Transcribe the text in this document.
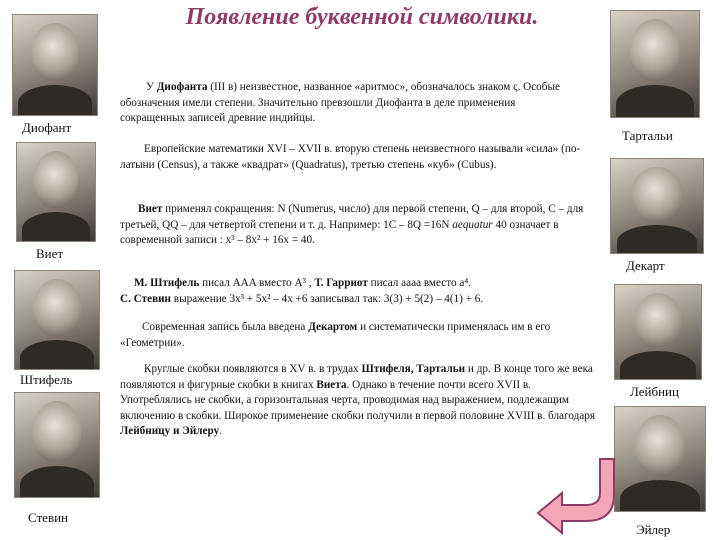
Появление буквенной символики.
Диофант
Виет
Штифель
Стевин
Тартальи
Декарт
Лейбниц
Эйлер
У Диофанта (III в) неизвестное, названное «аритмос», обозначалось знаком ς. Особые обозначения имели степени. Значительно превзошли Диофанта в деле применения сокращенных записей древние индийцы.
Европейские математики XVI – XVII в. вторую степень неизвестного называли «сила» (по-латыни (Census), а также «квадрат» (Quadratus), третью степень «куб» (Cubus).
Виет применял сокращения: N (Numerus, число) для первой степени, Q – для второй, С – для третьей, QQ – для четвертой степени и т. д. Например: 1C – 8Q =16N aequatur 40 означает в современной записи : x³ – 8x² + 16x = 40.
М. Штифель писал AAA вместо A³ , Т. Гарриот писал aaaa вместо a⁴.
С. Стевин выражение 3x³ + 5x² – 4x +6 записывал так: 3(3) + 5(2) – 4(1) + 6.
Современная запись была введена Декартом и систематически применялась им в его «Геометрии».
Круглые скобки появляются в XV в. в трудах Штифеля, Тартальи и др. В конце того же века появляются и фигурные скобки в книгах Виета. Однако в течение почти всего XVII в. Употреблялись не скобки, а горизонтальная черта, проводимая над выражением, подлежащим включению в скобки. Широкое применение скобки получили в первой половине XVIII в. благодаря Лейбницу и Эйлеру.
